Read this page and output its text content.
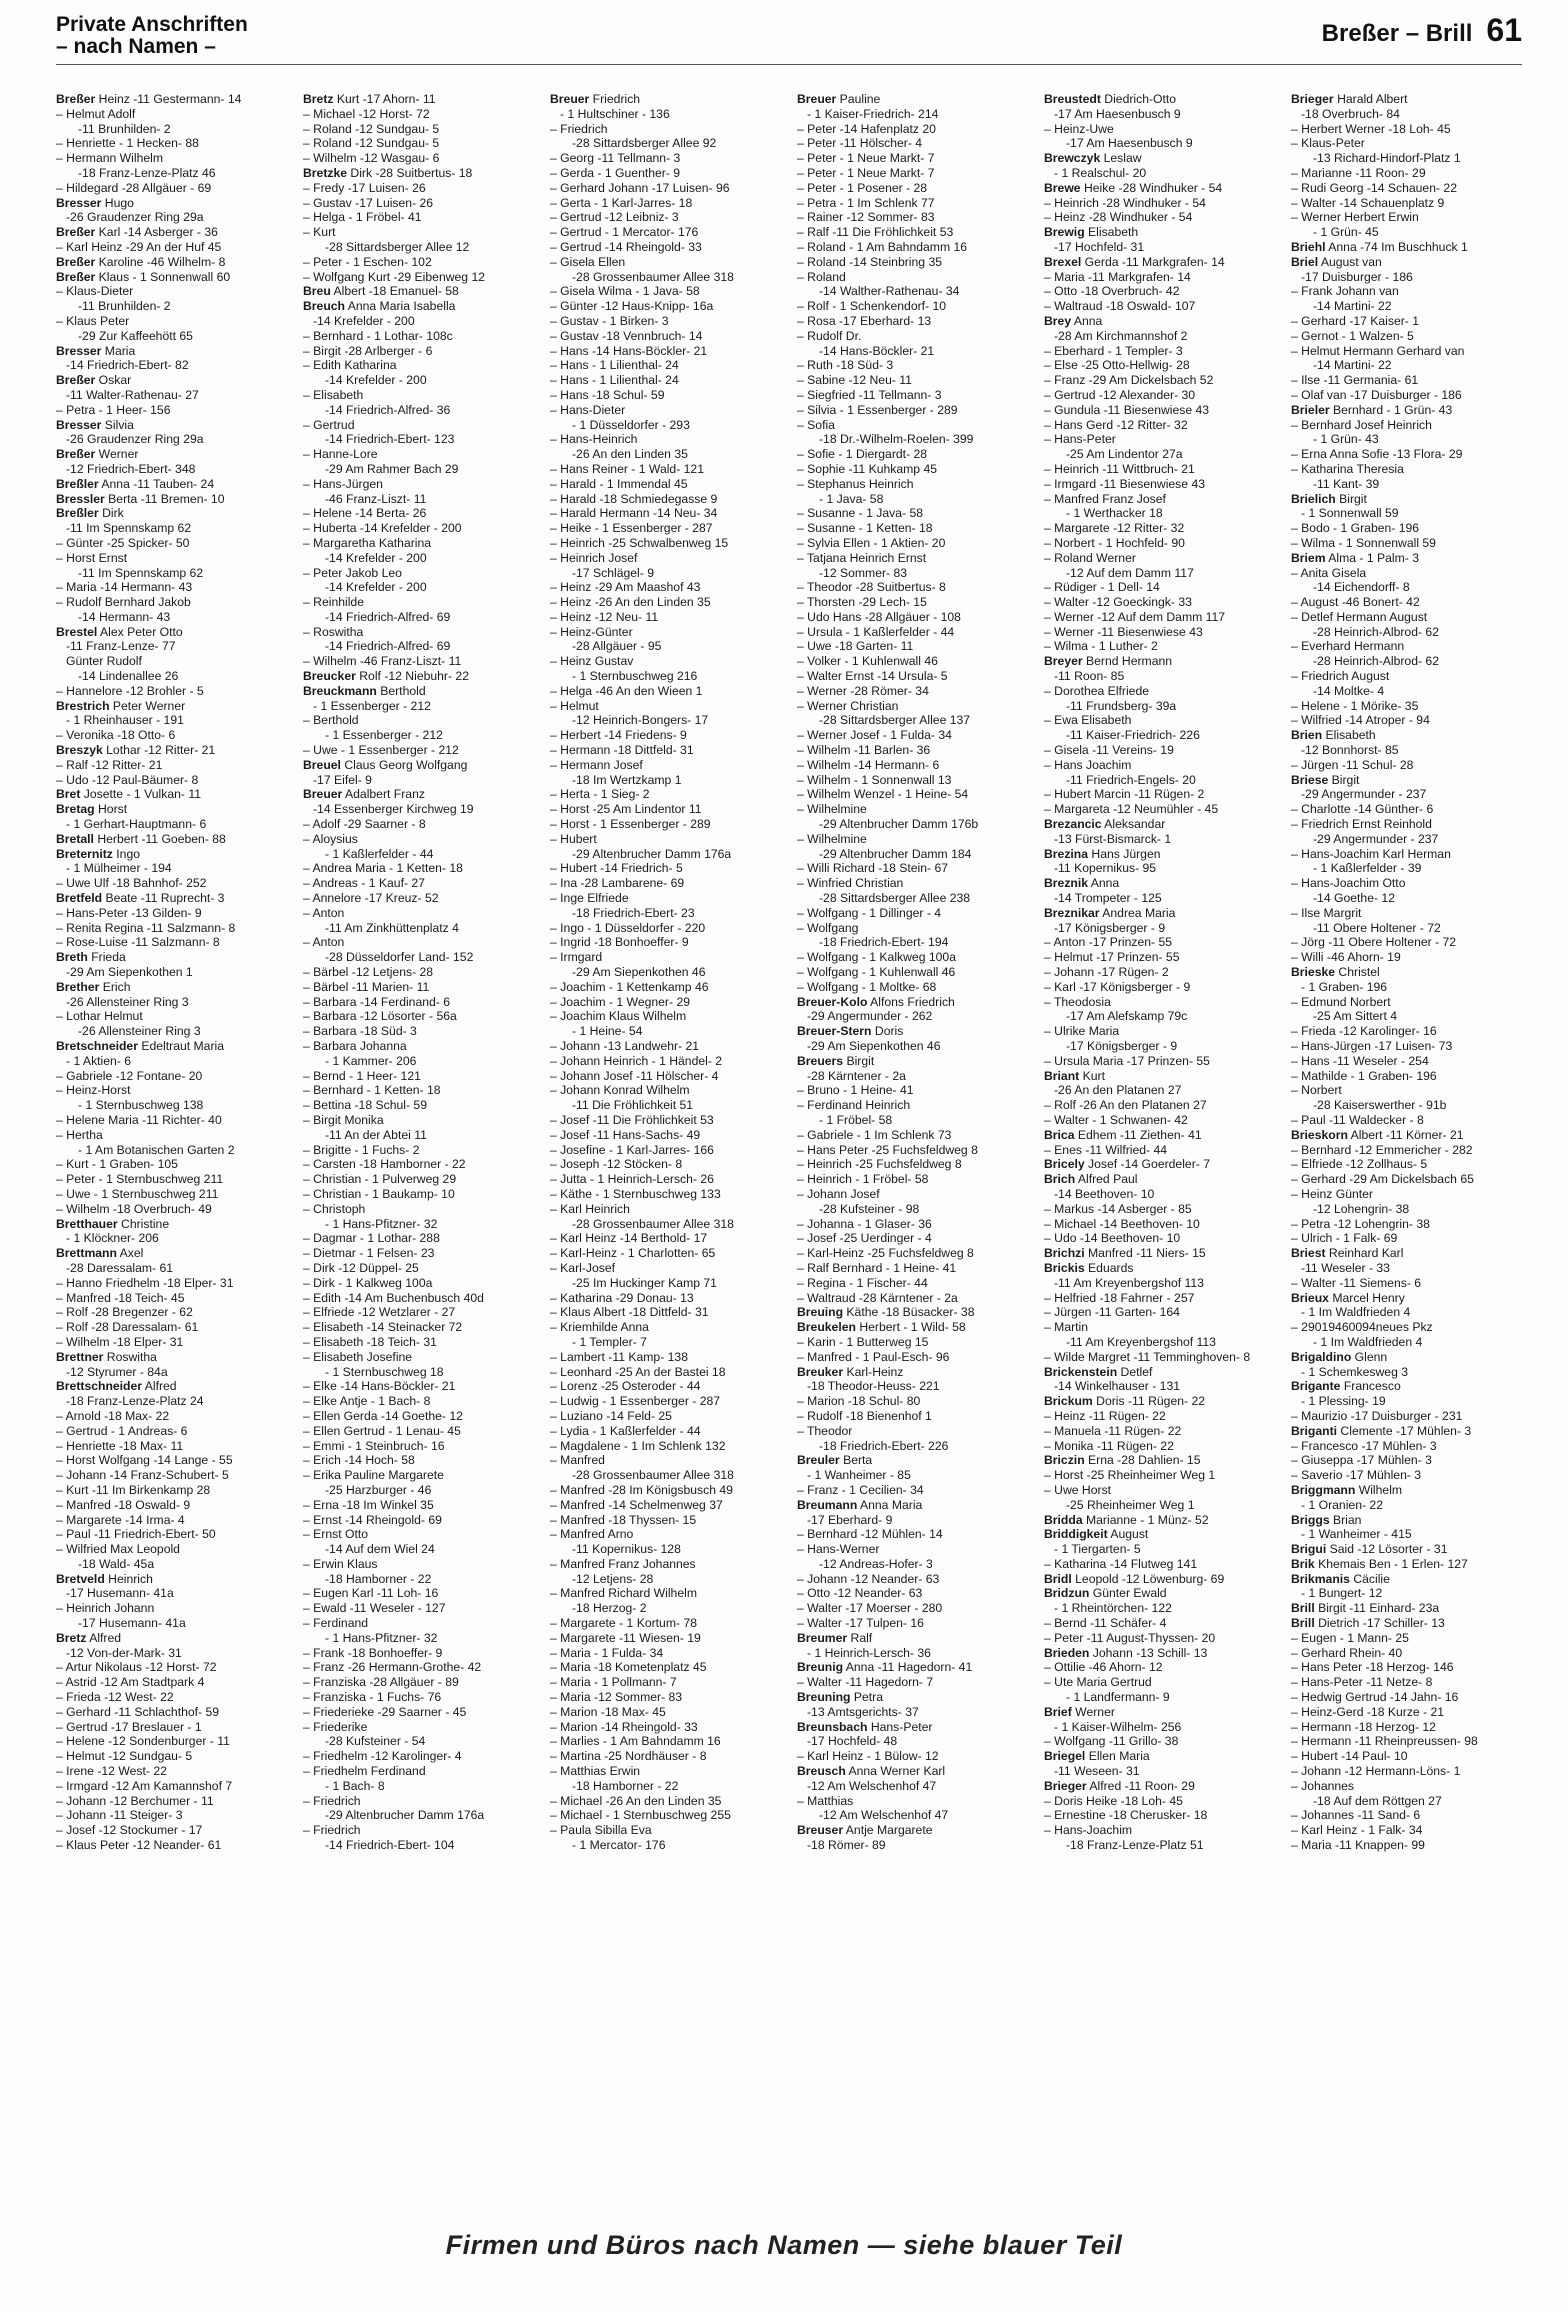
Private Anschriften
– nach Namen –	Breßer – Brill 61
Breßer Heinz -11 Gestermann- 14
– Helmut Adolf
-11 Brunhilden- 2
– Henriette - 1 Hecken- 88
– Hermann Wilhelm
-18 Franz-Lenze-Platz 46
– Hildegard -28 Allgäuer - 69
Bresser Hugo
-26 Graudenzer Ring 29a
Breßer Karl -14 Asberger - 36
– Karl Heinz -29 An der Huf 45
Breßer Karoline -46 Wilhelm- 8
Breßer Klaus - 1 Sonnenwall 60
– Klaus-Dieter
-11 Brunhilden- 2
– Klaus Peter
-29 Zur Kaffeehött 65
Bresser Maria
-14 Friedrich-Ebert- 82
Breßer Oskar
-11 Walter-Rathenau- 27
– Petra - 1 Heer- 156
Bresser Silvia
-26 Graudenzer Ring 29a
Breßer Werner
-12 Friedrich-Ebert- 348
Breßler Anna -11 Tauben- 24
Bressler Berta -11 Bremen- 10
Breßler Dirk
-11 Im Spennskamp 62
– Günter -25 Spicker- 50
– Horst Ernst
-11 Im Spennskamp 62
– Maria -14 Hermann- 43
– Rudolf Bernhard Jakob
-14 Hermann- 43
Brestel Alex Peter Otto
-11 Franz-Lenze- 77
Günter Rudolf
-14 Lindenallee 26
– Hannelore -12 Brohler - 5
Brestrich Peter Werner
- 1 Rheinhauser - 191
– Veronika -18 Otto- 6
Breszyk Lothar -12 Ritter- 21
– Ralf -12 Ritter- 21
– Udo -12 Paul-Bäumer- 8
Bret Josette - 1 Vulkan- 11
Bretag Horst
- 1 Gerhart-Hauptmann- 6
Bretall Herbert -11 Goeben- 88
Breternitz Ingo
- 1 Mülheimer - 194
– Uwe Ulf -18 Bahnhof- 252
Bretfeld Beate -11 Ruprecht- 3
– Hans-Peter -13 Gilden- 9
– Renita Regina -11 Salzmann- 8
– Rose-Luise -11 Salzmann- 8
Breth Frieda
-29 Am Siepenkothen 1
Brether Erich
-26 Allensteiner Ring 3
– Lothar Helmut
-26 Allensteiner Ring 3
Bretschneider Edeltraut Maria
- 1 Aktien- 6
– Gabriele -12 Fontane- 20
– Heinz-Horst
- 1 Sternbuschweg 138
– Helene Maria -11 Richter- 40
– Hertha
- 1 Am Botanischen Garten 2
– Kurt - 1 Graben- 105
– Peter - 1 Sternbuschweg 211
– Uwe - 1 Sternbuschweg 211
– Wilhelm -18 Overbruch- 49
Bretthauer Christine
- 1 Klöckner- 206
Brettmann Axel
-28 Daressalam- 61
– Hanno Friedhelm -18 Elper- 31
– Manfred -18 Teich- 45
– Rolf -28 Bregenzer - 62
– Rolf -28 Daressalam- 61
– Wilhelm -18 Elper- 31
Brettner Roswitha
-12 Styrumer - 84a
Brettschneider Alfred
-18 Franz-Lenze-Platz 24
– Arnold -18 Max- 22
– Gertrud - 1 Andreas- 6
– Henriette -18 Max- 11
– Horst Wolfgang -14 Lange - 55
– Johann -14 Franz-Schubert- 5
– Kurt -11 Im Birkenkamp 28
– Manfred -18 Oswald- 9
– Margarete -14 Irma- 4
– Paul -11 Friedrich-Ebert- 50
– Wilfried Max Leopold
-18 Wald- 45a
Bretveld Heinrich
-17 Husemann- 41a
– Heinrich Johann
-17 Husemann- 41a
Bretz Alfred
-12 Von-der-Mark- 31
– Artur Nikolaus -12 Horst- 72
– Astrid -12 Am Stadtpark 4
– Frieda -12 West- 22
– Gerhard -11 Schlachthof- 59
– Gertrud -17 Breslauer - 1
– Helene -12 Sondenburger - 11
– Helmut -12 Sundgau- 5
– Irene -12 West- 22
– Irmgard -12 Am Kamannshof 7
– Johann -12 Berchumer - 11
– Johann -11 Steiger- 3
– Josef -12 Stockumer - 17
– Klaus Peter -12 Neander- 61
Bretz Kurt -17 Ahorn- 11
– Michael -12 Horst- 72
– Roland -12 Sundgau- 5
– Roland -12 Sundgau- 5
– Wilhelm -12 Wasgau- 6
Bretzke Dirk -28 Suitbertus- 18
– Fredy -17 Luisen- 26
– Gustav -17 Luisen- 26
– Helga - 1 Fröbel- 41
– Kurt
-28 Sittardsberger Allee 12
– Peter - 1 Eschen- 102
– Wolfgang Kurt -29 Eibenweg 12
Breu Albert -18 Emanuel- 58
Breuch Anna Maria Isabella
-14 Krefelder - 200
– Bernhard - 1 Lothar- 108c
– Birgit -28 Arlberger - 6
– Edith Katharina
-14 Krefelder - 200
– Elisabeth
-14 Friedrich-Alfred- 36
– Gertrud
-14 Friedrich-Ebert- 123
– Hanne-Lore
-29 Am Rahmer Bach 29
– Hans-Jürgen
-46 Franz-Liszt- 11
– Helene -14 Berta- 26
– Huberta -14 Krefelder - 200
– Margaretha Katharina
-14 Krefelder - 200
– Peter Jakob Leo
-14 Krefelder - 200
– Reinhilde
-14 Friedrich-Alfred- 69
– Roswitha
-14 Friedrich-Alfred- 69
– Wilhelm -46 Franz-Liszt- 11
Breucker Rolf -12 Niebuhr- 22
Breuckmann Berthold
- 1 Essenberger - 212
– Berthold
- 1 Essenberger - 212
– Uwe - 1 Essenberger - 212
Breuel Claus Georg Wolfgang
-17 Eifel- 9
Breuer Adalbert Franz
-14 Essenberger Kirchweg 19
– Adolf -29 Saarner - 8
– Aloysius
- 1 Kaßlerfelder - 44
– Andrea Maria - 1 Ketten- 18
– Andreas - 1 Kauf- 27
– Annelore -17 Kreuz- 52
– Anton
-11 Am Zinkhüttenplatz 4
– Anton
-28 Düsseldorfer Land- 152
– Bärbel -12 Letjens- 28
– Bärbel -11 Marien- 11
– Barbara -14 Ferdinand- 6
– Barbara -12 Lösorter - 56a
– Barbara -18 Süd- 3
– Barbara Johanna
- 1 Kammer- 206
– Bernd - 1 Heer- 121
– Bernhard - 1 Ketten- 18
– Bettina -18 Schul- 59
– Birgit Monika
-11 An der Abtei 11
– Brigitte - 1 Fuchs- 2
– Carsten -18 Hamborner - 22
– Christian - 1 Pulverweg 29
– Christian - 1 Baukamp- 10
– Christoph
- 1 Hans-Pfitzner- 32
– Dagmar - 1 Lothar- 288
– Dietmar - 1 Felsen- 23
– Dirk -12 Düppel- 25
– Dirk - 1 Kalkweg 100a
– Edith -14 Am Buchenbusch 40d
– Elfriede -12 Wetzlarer - 27
– Elisabeth -14 Steinacker 72
– Elisabeth -18 Teich- 31
– Elisabeth Josefine
- 1 Sternbuschweg 18
– Elke -14 Hans-Böckler- 21
– Elke Antje - 1 Bach- 8
– Ellen Gerda -14 Goethe- 12
– Ellen Gertrud - 1 Lenau- 45
– Emmi - 1 Steinbruch- 16
– Erich -14 Hoch- 58
– Erika Pauline Margarete
-25 Harzburger - 46
– Erna -18 Im Winkel 35
– Ernst -14 Rheingold- 69
– Ernst Otto
-14 Auf dem Wiel 24
– Erwin Klaus
-18 Hamborner - 22
– Eugen Karl -11 Loh- 16
– Ewald -11 Weseler - 127
– Ferdinand
- 1 Hans-Pfitzner- 32
– Frank -18 Bonhoeffer- 9
– Franz -26 Hermann-Grothe- 42
– Franziska -28 Allgäuer - 89
– Franziska - 1 Fuchs- 76
– Friederieke -29 Saarner - 45
– Friederike
-28 Kufsteiner - 54
– Friedhelm -12 Karolinger- 4
– Friedhelm Ferdinand
- 1 Bach- 8
– Friedrich
-29 Altenbrucher Damm 176a
– Friedrich
-14 Friedrich-Ebert- 104
Breuer Friedrich
- 1 Hultschiner - 136
– Friedrich
-28 Sittardsberger Allee 92
– Georg -11 Tellmann- 3
– Gerda - 1 Guenther- 9
– Gerhard Johann -17 Luisen- 96
– Gerta - 1 Karl-Jarres- 18
– Gertrud -12 Leibniz- 3
– Gertrud - 1 Mercator- 176
– Gertrud -14 Rheingold- 33
– Gisela Ellen
-28 Grossenbaumer Allee 318
– Gisela Wilma - 1 Java- 58
– Günter -12 Haus-Knipp- 16a
– Gustav - 1 Birken- 3
– Gustav -18 Vennbruch- 14
– Hans -14 Hans-Böckler- 21
– Hans - 1 Lilienthal- 24
– Hans - 1 Lilienthal- 24
– Hans -18 Schul- 59
– Hans-Dieter
- 1 Düsseldorfer - 293
– Hans-Heinrich
-26 An den Linden 35
– Hans Reiner - 1 Wald- 121
– Harald - 1 Immendal 45
– Harald -18 Schmiedegasse 9
– Harald Hermann -14 Neu- 34
– Heike - 1 Essenberger - 287
– Heinrich -25 Schwalbenweg 15
– Heinrich Josef
-17 Schlägel- 9
– Heinz -29 Am Maashof 43
– Heinz -26 An den Linden 35
– Heinz -12 Neu- 11
– Heinz-Günter
-28 Allgäuer - 95
– Heinz Gustav
- 1 Sternbuschweg 216
– Helga -46 An den Wieen 1
– Helmut
-12 Heinrich-Bongers- 17
– Herbert -14 Friedens- 9
– Hermann -18 Dittfeld- 31
– Hermann Josef
-18 Im Wertzkamp 1
– Herta - 1 Sieg- 2
– Horst -25 Am Lindentor 11
– Horst - 1 Essenberger - 289
– Hubert
-29 Altenbrucher Damm 176a
– Hubert -14 Friedrich- 5
– Ina -28 Lambarene- 69
– Inge Elfriede
-18 Friedrich-Ebert- 23
– Ingo - 1 Düsseldorfer - 220
– Ingrid -18 Bonhoeffer- 9
– Irmgard
-29 Am Siepenkothen 46
– Joachim - 1 Kettenkamp 46
– Joachim - 1 Wegner- 29
– Joachim Klaus Wilhelm
- 1 Heine- 54
– Johann -13 Landwehr- 21
– Johann Heinrich - 1 Händel- 2
– Johann Josef -11 Hölscher- 4
– Johann Konrad Wilhelm
-11 Die Fröhlichkeit 51
– Josef -11 Die Fröhlichkeit 53
– Josef -11 Hans-Sachs- 49
– Josefine - 1 Karl-Jarres- 166
– Joseph -12 Stöcken- 8
– Jutta - 1 Heinrich-Lersch- 26
– Käthe - 1 Sternbuschweg 133
– Karl Heinrich
-28 Grossenbaumer Allee 318
– Karl Heinz -14 Berthold- 17
– Karl-Heinz - 1 Charlotten- 65
– Karl-Josef
-25 Im Huckinger Kamp 71
– Katharina -29 Donau- 13
– Klaus Albert -18 Dittfeld- 31
– Kriemhilde Anna
- 1 Templer- 7
– Lambert -11 Kamp- 138
– Leonhard -25 An der Bastei 18
– Lorenz -25 Osteroder - 44
– Ludwig - 1 Essenberger - 287
– Luziano -14 Feld- 25
– Lydia - 1 Kaßlerfelder - 44
– Magdalene - 1 Im Schlenk 132
– Manfred
-28 Grossenbaumer Allee 318
– Manfred -28 Im Königsbusch 49
– Manfred -14 Schelmenweg 37
– Manfred -18 Thyssen- 15
– Manfred Arno
-11 Kopernikus- 128
– Manfred Franz Johannes
-12 Letjens- 28
– Manfred Richard Wilhelm
-18 Herzog- 2
– Margarete - 1 Kortum- 78
– Margarete -11 Wiesen- 19
– Maria - 1 Fulda- 34
– Maria -18 Kometenplatz 45
– Maria - 1 Pollmann- 7
– Maria -12 Sommer- 83
– Marion -18 Max- 45
– Marion -14 Rheingold- 33
– Marlies - 1 Am Bahndamm 16
– Martina -25 Nordhäuser - 8
– Matthias Erwin
-18 Hamborner - 22
– Michael -26 An den Linden 35
– Michael - 1 Sternbuschweg 255
– Paula Sibilla Eva
- 1 Mercator- 176
Breuer Pauline
- 1 Kaiser-Friedrich- 214
– Peter -14 Hafenplatz 20
– Peter -11 Hölscher- 4
– Peter - 1 Neue Markt- 7
– Peter - 1 Neue Markt- 7
– Peter - 1 Posener - 28
– Petra - 1 Im Schlenk 77
– Rainer -12 Sommer- 83
– Ralf -11 Die Fröhlichkeit 53
– Roland - 1 Am Bahndamm 16
– Roland -14 Steinbring 35
– Roland
-14 Walther-Rathenau- 34
– Rolf - 1 Schenkendorf- 10
– Rosa -17 Eberhard- 13
– Rudolf Dr.
-14 Hans-Böckler- 21
– Ruth -18 Süd- 3
– Sabine -12 Neu- 11
– Siegfried -11 Tellmann- 3
– Silvia - 1 Essenberger - 289
– Sofia
-18 Dr.-Wilhelm-Roelen- 399
– Sofie - 1 Diergardt- 28
– Sophie -11 Kuhkamp 45
– Stephanus Heinrich
- 1 Java- 58
– Susanne - 1 Java- 58
– Susanne - 1 Ketten- 18
– Sylvia Ellen - 1 Aktien- 20
– Tatjana Heinrich Ernst
-12 Sommer- 83
– Theodor -28 Suitbertus- 8
– Thorsten -29 Lech- 15
– Udo Hans -28 Allgäuer - 108
– Ursula - 1 Kaßlerfelder - 44
– Uwe -18 Garten- 11
– Volker - 1 Kuhlenwall 46
– Walter Ernst -14 Ursula- 5
– Werner -28 Römer- 34
– Werner Christian
-28 Sittardsberger Allee 137
– Werner Josef - 1 Fulda- 34
– Wilhelm -11 Barlen- 36
– Wilhelm -14 Hermann- 6
– Wilhelm - 1 Sonnenwall 13
– Wilhelm Wenzel - 1 Heine- 54
– Wilhelmine
-29 Altenbrucher Damm 176b
– Wilhelmine
-29 Altenbrucher Damm 184
– Willi Richard -18 Stein- 67
– Winfried Christian
-28 Sittardsberger Allee 238
– Wolfgang - 1 Dillinger - 4
– Wolfgang
-18 Friedrich-Ebert- 194
– Wolfgang - 1 Kalkweg 100a
– Wolfgang - 1 Kuhlenwall 46
– Wolfgang - 1 Moltke- 68
Breuer-Kolo Alfons Friedrich
-29 Angermunder - 262
Breuer-Stern Doris
-29 Am Siepenkothen 46
Breuers Birgit
-28 Kärntener - 2a
– Bruno - 1 Heine- 41
– Ferdinand Heinrich
- 1 Fröbel- 58
– Gabriele - 1 Im Schlenk 73
– Hans Peter -25 Fuchsfeldweg 8
– Heinrich -25 Fuchsfeldweg 8
– Heinrich - 1 Fröbel- 58
– Johann Josef
-28 Kufsteiner - 98
– Johanna - 1 Glaser- 36
– Josef -25 Uerdinger - 4
– Karl-Heinz -25 Fuchsfeldweg 8
– Ralf Bernhard - 1 Heine- 41
– Regina - 1 Fischer- 44
– Waltraud -28 Kärntener - 2a
Breuing Käthe -18 Büsacker- 38
Breukelen Herbert - 1 Wild- 58
– Karin - 1 Butterweg 15
– Manfred - 1 Paul-Esch- 96
Breuker Karl-Heinz
-18 Theodor-Heuss- 221
– Marion -18 Schul- 80
– Rudolf -18 Bienenhof 1
– Theodor
-18 Friedrich-Ebert- 226
Breuler Berta
- 1 Wanheimer - 85
– Franz - 1 Cecilien- 34
Breumann Anna Maria
-17 Eberhard- 9
– Bernhard -12 Mühlen- 14
– Hans-Werner
-12 Andreas-Hofer- 3
– Johann -12 Neander- 63
– Otto -12 Neander- 63
– Walter -17 Moerser - 280
– Walter -17 Tulpen- 16
Breumer Ralf
- 1 Heinrich-Lersch- 36
Breunig Anna -11 Hagedorn- 41
– Walter -11 Hagedorn- 7
Breuning Petra
-13 Amtsgerichts- 37
Breunsbach Hans-Peter
-17 Hochfeld- 48
– Karl Heinz - 1 Bülow- 12
Breusch Anna Werner Karl
-12 Am Welschenhof 47
– Matthias
-12 Am Welschenhof 47
Breuser Antje Margarete
-18 Römer- 89
Breustedt Diedrich-Otto
-17 Am Haesenbusch 9
– Heinz-Uwe
-17 Am Haesenbusch 9
Brewczyk Leslaw
- 1 Realschul- 20
Brewe Heike -28 Windhuker - 54
– Heinrich -28 Windhuker - 54
– Heinz -28 Windhuker - 54
Brewig Elisabeth
-17 Hochfeld- 31
Brexel Gerda -11 Markgrafen- 14
– Maria -11 Markgrafen- 14
– Otto -18 Overbruch- 42
– Waltraud -18 Oswald- 107
Brey Anna
-28 Am Kirchmannshof 2
– Eberhard - 1 Templer- 3
– Else -25 Otto-Hellwig- 28
– Franz -29 Am Dickelsbach 52
– Gertrud -12 Alexander- 30
– Gundula -11 Biesenwiese 43
– Hans Gerd -12 Ritter- 32
– Hans-Peter
-25 Am Lindentor 27a
– Heinrich -11 Wittbruch- 21
– Irmgard -11 Biesenwiese 43
– Manfred Franz Josef
- 1 Werthacker 18
– Margarete -12 Ritter- 32
– Norbert - 1 Hochfeld- 90
– Roland Werner
-12 Auf dem Damm 117
– Rüdiger - 1 Dell- 14
– Walter -12 Goeckingk- 33
– Werner -12 Auf dem Damm 117
– Werner -11 Biesenwiese 43
– Wilma - 1 Luther- 2
Breyer Bernd Hermann
-11 Roon- 85
– Dorothea Elfriede
-11 Frundsberg- 39a
– Ewa Elisabeth
-11 Kaiser-Friedrich- 226
– Gisela -11 Vereins- 19
– Hans Joachim
-11 Friedrich-Engels- 20
– Hubert Marcin -11 Rügen- 2
– Margareta -12 Neumühler - 45
Brezancic Aleksandar
-13 Fürst-Bismarck- 1
Brezina Hans Jürgen
-11 Kopernikus- 95
Breznik Anna
-14 Trompeter - 125
Breznikar Andrea Maria
-17 Königsberger - 9
– Anton -17 Prinzen- 55
– Helmut -17 Prinzen- 55
– Johann -17 Rügen- 2
– Karl -17 Königsberger - 9
– Theodosia
-17 Am Alefskamp 79c
– Ulrike Maria
-17 Königsberger - 9
– Ursula Maria -17 Prinzen- 55
Briant Kurt
-26 An den Platanen 27
– Rolf -26 An den Platanen 27
– Walter - 1 Schwanen- 42
Brica Edhem -11 Ziethen- 41
– Enes -11 Wilfried- 44
Bricely Josef -14 Goerdeler- 7
Brich Alfred Paul
-14 Beethoven- 10
– Markus -14 Asberger - 85
– Michael -14 Beethoven- 10
– Udo -14 Beethoven- 10
Brichzi Manfred -11 Niers- 15
Brickis Eduards
-11 Am Kreyenbergshof 113
– Helfried -18 Fahrner - 257
– Jürgen -11 Garten- 164
– Martin
-11 Am Kreyenbergshof 113
– Wilde Margret -11 Temminghoven- 8
Brickenstein Detlef
-14 Winkelhauser - 131
Brickum Doris -11 Rügen- 22
– Heinz -11 Rügen- 22
– Manuela -11 Rügen- 22
– Monika -11 Rügen- 22
Briczin Erna -28 Dahlien- 15
– Horst -25 Rheinheimer Weg 1
– Uwe Horst
-25 Rheinheimer Weg 1
Bridda Marianne - 1 Münz- 52
Briddigkeit August
- 1 Tiergarten- 5
– Katharina -14 Flutweg 141
Bridl Leopold -12 Löwenburg- 69
Bridzun Günter Ewald
- 1 Rheintörchen- 122
– Bernd -11 Schäfer- 4
– Peter -11 August-Thyssen- 20
Brieden Johann -13 Schill- 13
– Ottilie -46 Ahorn- 12
– Ute Maria Gertrud
- 1 Landfermann- 9
Brief Werner
- 1 Kaiser-Wilhelm- 256
– Wolfgang -11 Grillo- 38
Briegel Ellen Maria
-11 Weseen- 31
Brieger Alfred -11 Roon- 29
– Doris Heike -18 Loh- 45
– Ernestine -18 Cherusker- 18
– Hans-Joachim
-18 Franz-Lenze-Platz 51
Brieger Harald Albert
-18 Overbruch- 84
– Herbert Werner -18 Loh- 45
– Klaus-Peter
-13 Richard-Hindorf-Platz 1
– Marianne -11 Roon- 29
– Rudi Georg -14 Schauen- 22
– Walter -14 Schauenplatz 9
– Werner Herbert Erwin
- 1 Grün- 45
Briehl Anna -74 Im Buschhuck 1
Briel August van
-17 Duisburger - 186
– Frank Johann van
-14 Martini- 22
– Gerhard -17 Kaiser- 1
– Gernot - 1 Walzen- 5
– Helmut Hermann Gerhard van
-14 Martini- 22
– Ilse -11 Germania- 61
– Olaf van -17 Duisburger - 186
Brieler Bernhard - 1 Grün- 43
– Bernhard Josef Heinrich
- 1 Grün- 43
– Erna Anna Sofie -13 Flora- 29
– Katharina Theresia
-11 Kant- 39
Brielich Birgit
- 1 Sonnenwall 59
– Bodo - 1 Graben- 196
– Wilma - 1 Sonnenwall 59
Briem Alma - 1 Palm- 3
– Anita Gisela
-14 Eichendorff- 8
– August -46 Bonert- 42
– Detlef Hermann August
-28 Heinrich-Albrod- 62
– Everhard Hermann
-28 Heinrich-Albrod- 62
– Friedrich August
-14 Moltke- 4
– Helene - 1 Mörike- 35
– Wilfried -14 Atroper - 94
Brien Elisabeth
-12 Bonnhorst- 85
– Jürgen -11 Schul- 28
Briese Birgit
-29 Angermunder - 237
– Charlotte -14 Günther- 6
– Friedrich Ernst Reinhold
-29 Angermunder - 237
– Hans-Joachim Karl Herman
- 1 Kaßlerfelder - 39
– Hans-Joachim Otto
-14 Goethe- 12
– Ilse Margrit
-11 Obere Holtener - 72
– Jörg -11 Obere Holtener - 72
– Willi -46 Ahorn- 19
Brieske Christel
- 1 Graben- 196
– Edmund Norbert
-25 Am Sittert 4
– Frieda -12 Karolinger- 16
– Hans-Jürgen -17 Luisen- 73
– Hans -11 Weseler - 254
– Mathilde - 1 Graben- 196
– Norbert
-28 Kaiserswerther - 91b
– Paul -11 Waldecker - 8
Brieskorn Albert -11 Körner- 21
– Bernhard -12 Emmericher - 282
– Elfriede -12 Zollhaus- 5
– Gerhard -29 Am Dickelsbach 65
– Heinz Günter
-12 Lohengrin- 38
– Petra -12 Lohengrin- 38
– Ulrich - 1 Falk- 69
Briest Reinhard Karl
-11 Weseler - 33
– Walter -11 Siemens- 6
Brieux Marcel Henry
- 1 Im Waldfrieden 4
– 29019460094neues Pkz
- 1 Im Waldfrieden 4
Brigaldino Glenn
- 1 Schemkesweg 3
Brigante Francesco
- 1 Plessing- 19
– Maurizio -17 Duisburger - 231
Briganti Clemente -17 Mühlen- 3
– Francesco -17 Mühlen- 3
– Giuseppa -17 Mühlen- 3
– Saverio -17 Mühlen- 3
Briggmann Wilhelm
- 1 Oranien- 22
Briggs Brian
- 1 Wanheimer - 415
Brigui Said -12 Lösorter - 31
Brik Khemais Ben - 1 Erlen- 127
Brikmanis Cäcilie
- 1 Bungert- 12
Brill Birgit -11 Einhard- 23a
Brill Dietrich -17 Schiller- 13
– Eugen - 1 Mann- 25
– Gerhard Rhein- 40
– Hans Peter -18 Herzog- 146
– Hans-Peter -11 Netze- 8
– Hedwig Gertrud -14 Jahn- 16
– Heinz-Gerd -18 Kurze - 21
– Hermann -18 Herzog- 12
– Hermann -11 Rheinpreussen- 98
– Hubert -14 Paul- 10
– Johann -12 Hermann-Löns- 1
– Johannes
-18 Auf dem Röttgen 27
– Johannes -11 Sand- 6
– Karl Heinz - 1 Falk- 34
– Maria -11 Knappen- 99
Firmen und Büros nach Namen — siehe blauer Teil
